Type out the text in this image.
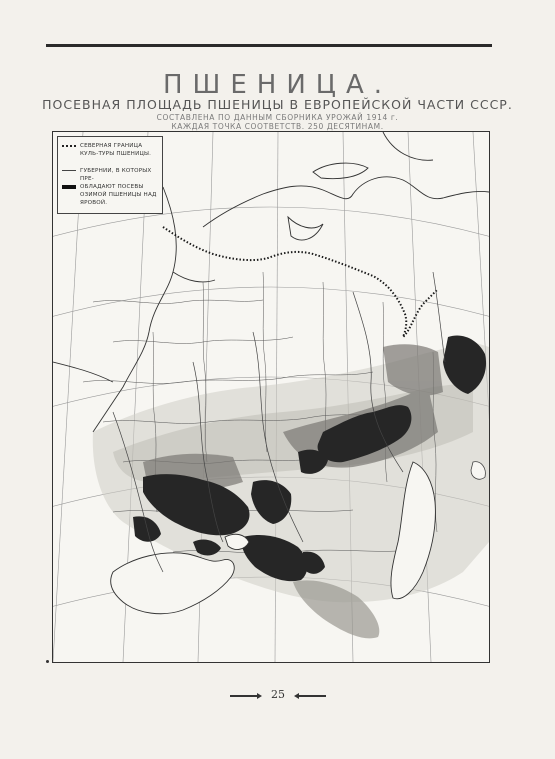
ПШЕНИЦА.
ПОСЕВНАЯ ПЛОЩАДЬ ПШЕНИЦЫ В ЕВРОПЕЙСКОЙ ЧАСТИ СССР.
СОСТАВЛЕНА ПО ДАННЫМ СБОРНИКА УРОЖАЙ 1914 г.
КАЖДАЯ ТОЧКА СООТВЕТСТВ. 250 ДЕСЯТИНАМ.
СЕВЕРНАЯ ГРАНИЦА КУЛЬ-ТУРЫ ПШЕНИЦЫ.
ГУБЕРНИИ, В КОТОРЫХ ПРЕ-
ОБЛАДАЮТ ПОСЕВЫ ОЗИМОЙ ПШЕНИЦЫ НАД ЯРОВОЙ.
25
